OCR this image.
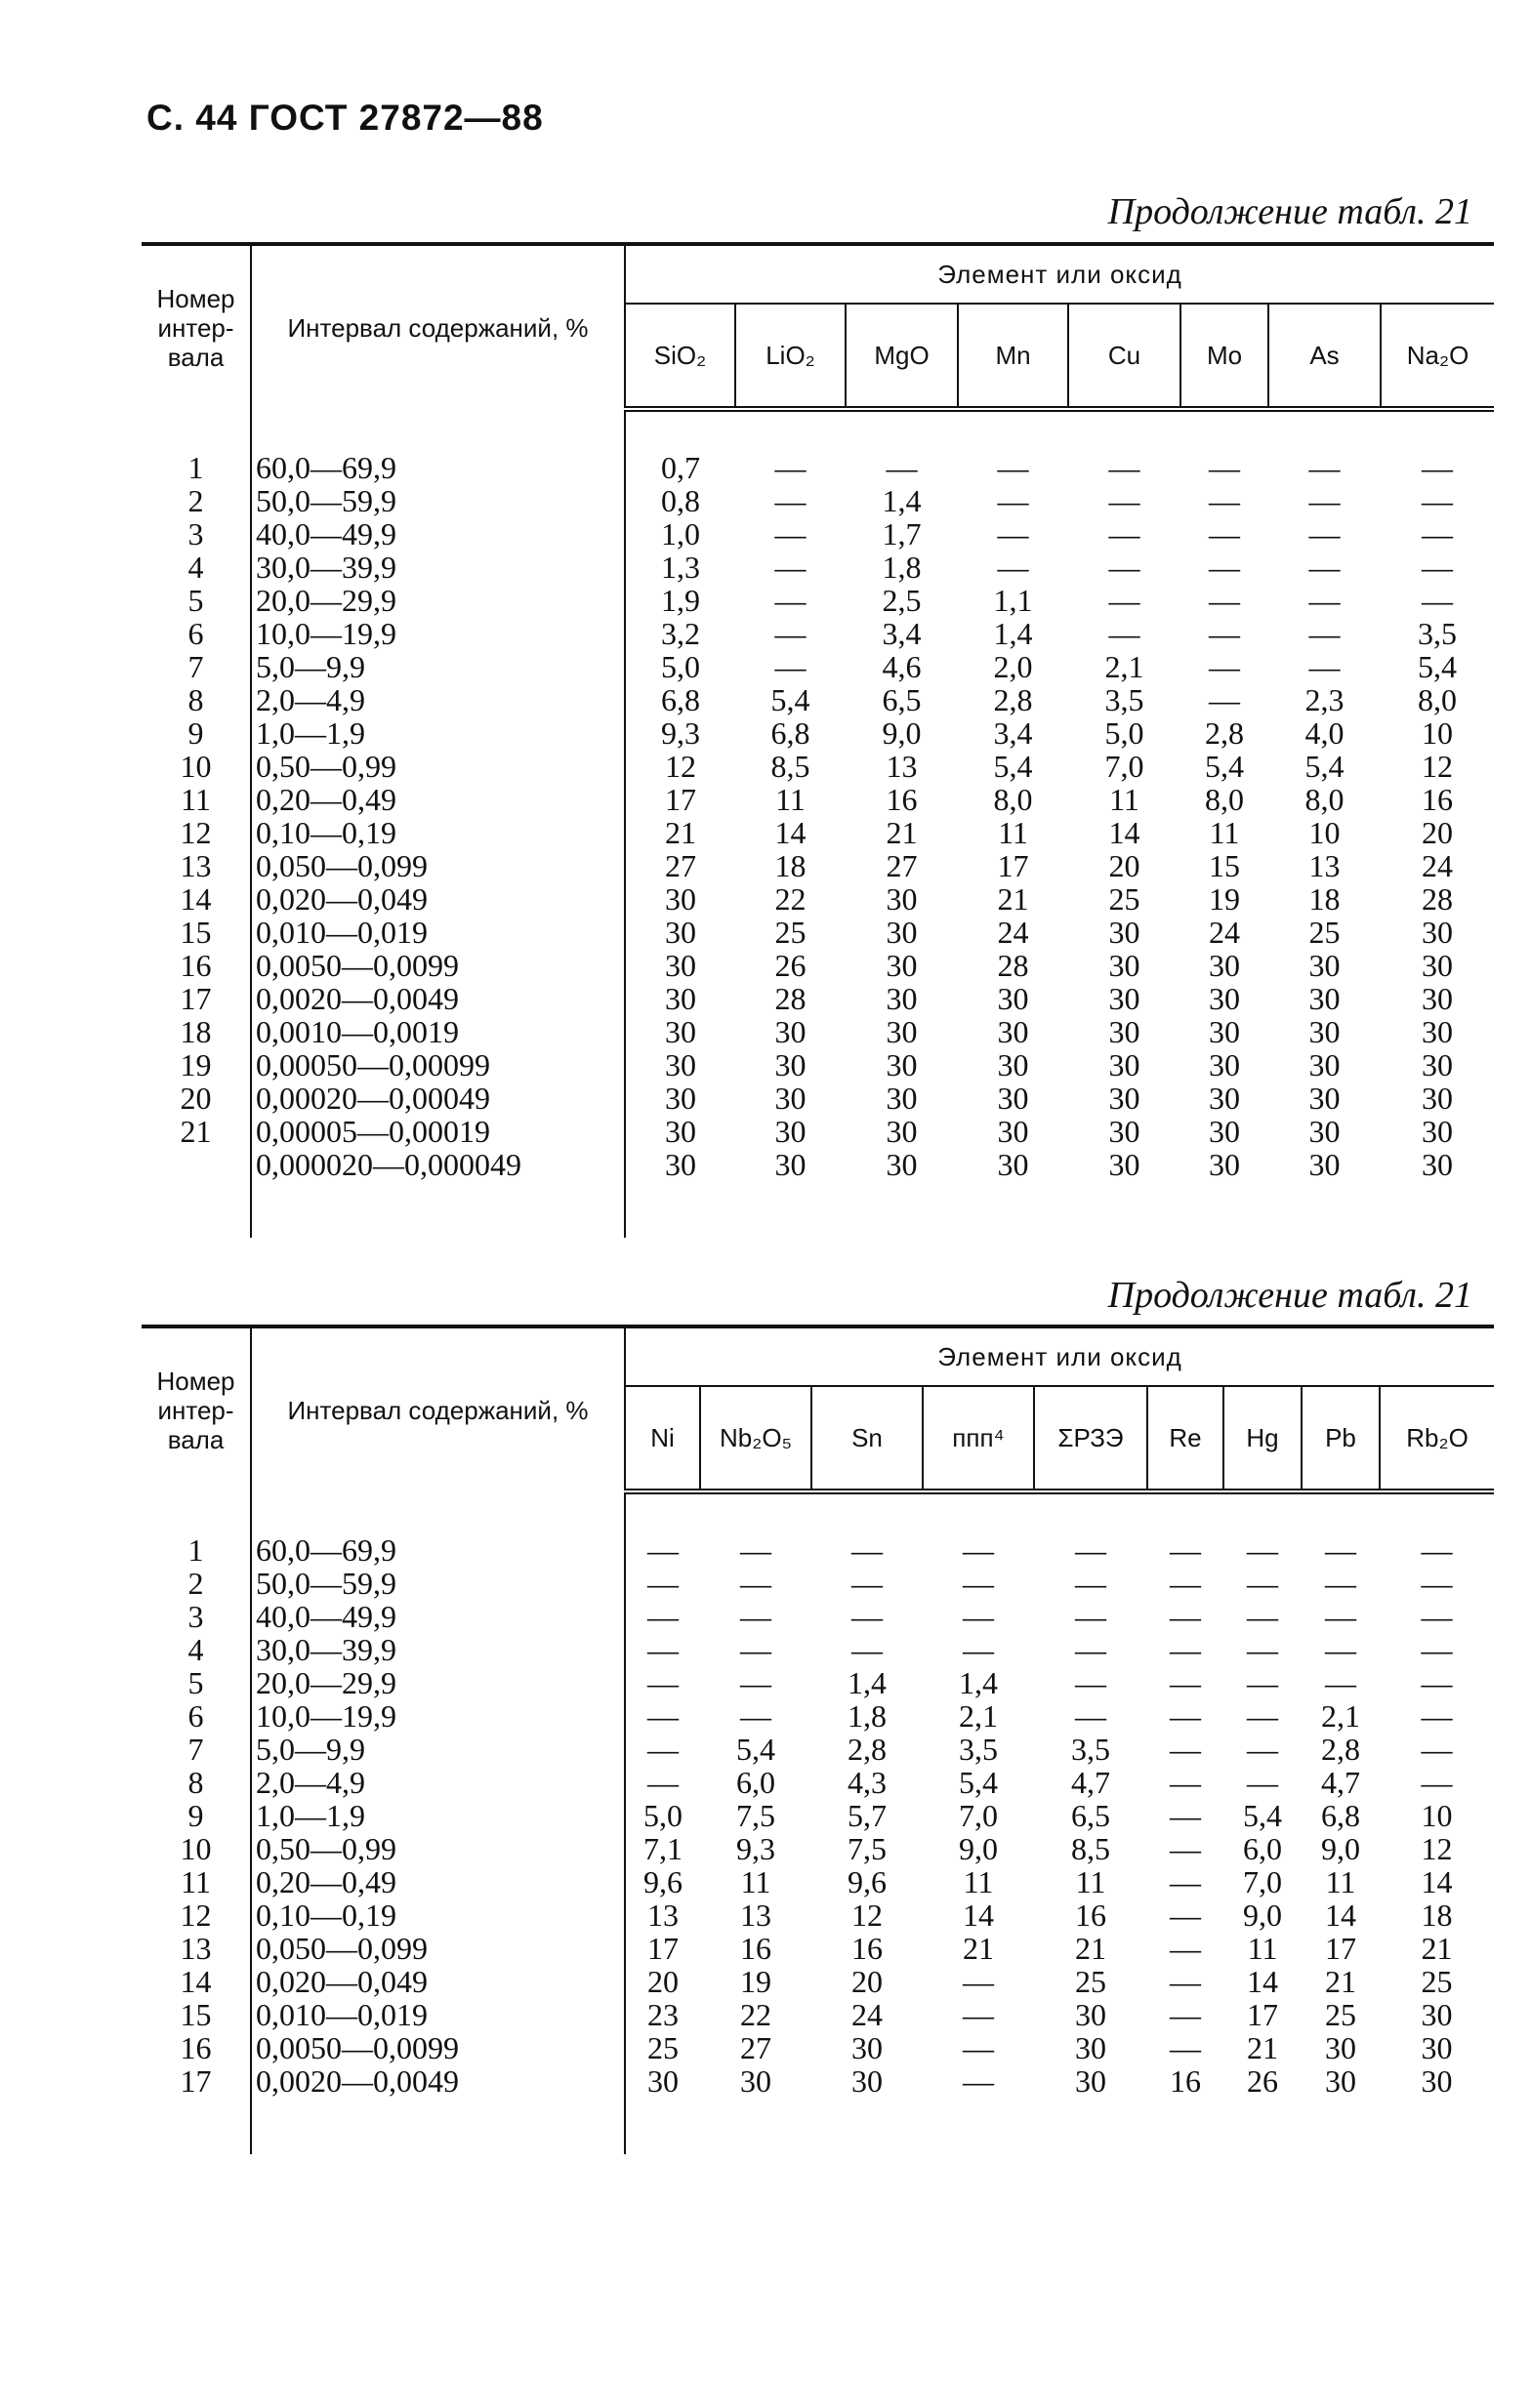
С. 44 ГОСТ 27872—88
Продолжение табл. 21
Номер интер-вала	Интервал содержаний, %	Элемент или оксид							
		SiO₂	LiO₂	MgO	Mn	Cu	Mo	As	Na₂O

1	60,0—69,9	0,7	—	—	—	—	—	—	—
2	50,0—59,9	0,8	—	1,4	—	—	—	—	—
3	40,0—49,9	1,0	—	1,7	—	—	—	—	—
4	30,0—39,9	1,3	—	1,8	—	—	—	—	—
5	20,0—29,9	1,9	—	2,5	1,1	—	—	—	—
6	10,0—19,9	3,2	—	3,4	1,4	—	—	—	3,5
7	5,0—9,9	5,0	—	4,6	2,0	2,1	—	—	5,4
8	2,0—4,9	6,8	5,4	6,5	2,8	3,5	—	2,3	8,0
9	1,0—1,9	9,3	6,8	9,0	3,4	5,0	2,8	4,0	10
10	0,50—0,99	12	8,5	13	5,4	7,0	5,4	5,4	12
11	0,20—0,49	17	11	16	8,0	11	8,0	8,0	16
12	0,10—0,19	21	14	21	11	14	11	10	20
13	0,050—0,099	27	18	27	17	20	15	13	24
14	0,020—0,049	30	22	30	21	25	19	18	28
15	0,010—0,019	30	25	30	24	30	24	25	30
16	0,0050—0,0099	30	26	30	28	30	30	30	30
17	0,0020—0,0049	30	28	30	30	30	30	30	30
18	0,0010—0,0019	30	30	30	30	30	30	30	30
19	0,00050—0,00099	30	30	30	30	30	30	30	30
20	0,00020—0,00049	30	30	30	30	30	30	30	30
21	0,00005—0,00019	30	30	30	30	30	30	30	30
	0,000020—0,000049	30	30	30	30	30	30	30	30

Продолжение табл. 21
Номер интер-вала	Интервал содержаний, %	Элемент или оксид								
		Ni	Nb₂O₅	Sn	ппп⁴	ΣРЗЭ	Re	Hg	Pb	Rb₂O

1	60,0—69,9	—	—	—	—	—	—	—	—	—
2	50,0—59,9	—	—	—	—	—	—	—	—	—
3	40,0—49,9	—	—	—	—	—	—	—	—	—
4	30,0—39,9	—	—	—	—	—	—	—	—	—
5	20,0—29,9	—	—	1,4	1,4	—	—	—	—	—
6	10,0—19,9	—	—	1,8	2,1	—	—	—	2,1	—
7	5,0—9,9	—	5,4	2,8	3,5	3,5	—	—	2,8	—
8	2,0—4,9	—	6,0	4,3	5,4	4,7	—	—	4,7	—
9	1,0—1,9	5,0	7,5	5,7	7,0	6,5	—	5,4	6,8	10
10	0,50—0,99	7,1	9,3	7,5	9,0	8,5	—	6,0	9,0	12
11	0,20—0,49	9,6	11	9,6	11	11	—	7,0	11	14
12	0,10—0,19	13	13	12	14	16	—	9,0	14	18
13	0,050—0,099	17	16	16	21	21	—	11	17	21
14	0,020—0,049	20	19	20	—	25	—	14	21	25
15	0,010—0,019	23	22	24	—	30	—	17	25	30
16	0,0050—0,0099	25	27	30	—	30	—	21	30	30
17	0,0020—0,0049	30	30	30	—	30	16	26	30	30
